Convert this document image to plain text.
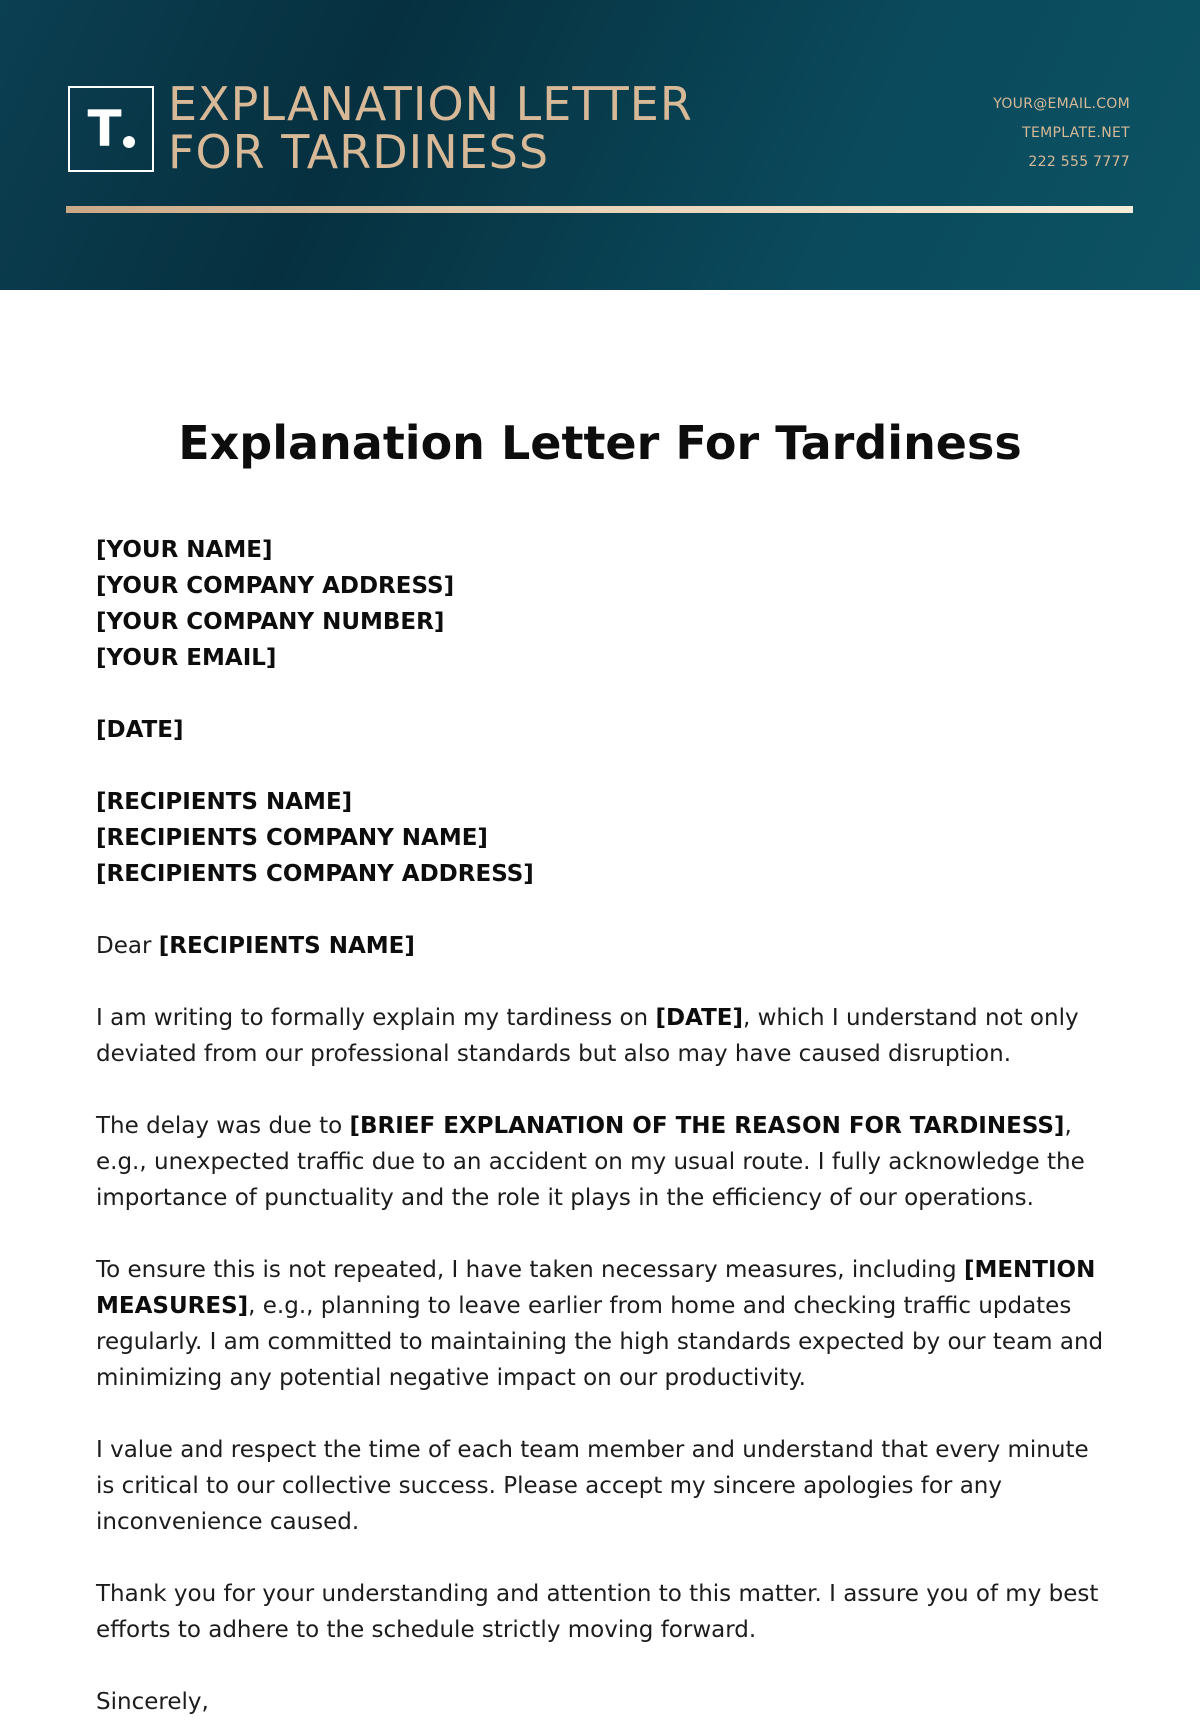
T EXPLANATION LETTER
FOR TARDINESS
YOUR@EMAIL.COM
TEMPLATE.NET
222 555 7777
Explanation Letter For Tardiness
[YOUR NAME]
[YOUR COMPANY ADDRESS]
[YOUR COMPANY NUMBER]
[YOUR EMAIL]
[DATE]
[RECIPIENTS NAME]
[RECIPIENTS COMPANY NAME]
[RECIPIENTS COMPANY ADDRESS]

Dear [RECIPIENTS NAME]

I am writing to formally explain my tardiness on [DATE], which I understand not only deviated from our professional standards but also may have caused disruption.

The delay was due to [BRIEF EXPLANATION OF THE REASON FOR TARDINESS], e.g., unexpected traffic due to an accident on my usual route. I fully acknowledge the importance of punctuality and the role it plays in the efficiency of our operations.

To ensure this is not repeated, I have taken necessary measures, including [MENTION MEASURES], e.g., planning to leave earlier from home and checking traffic updates regularly. I am committed to maintaining the high standards expected by our team and minimizing any potential negative impact on our productivity.

I value and respect the time of each team member and understand that every minute is critical to our collective success. Please accept my sincere apologies for any inconvenience caused.

Thank you for your understanding and attention to this matter. I assure you of my best efforts to adhere to the schedule strictly moving forward.

Sincerely,
